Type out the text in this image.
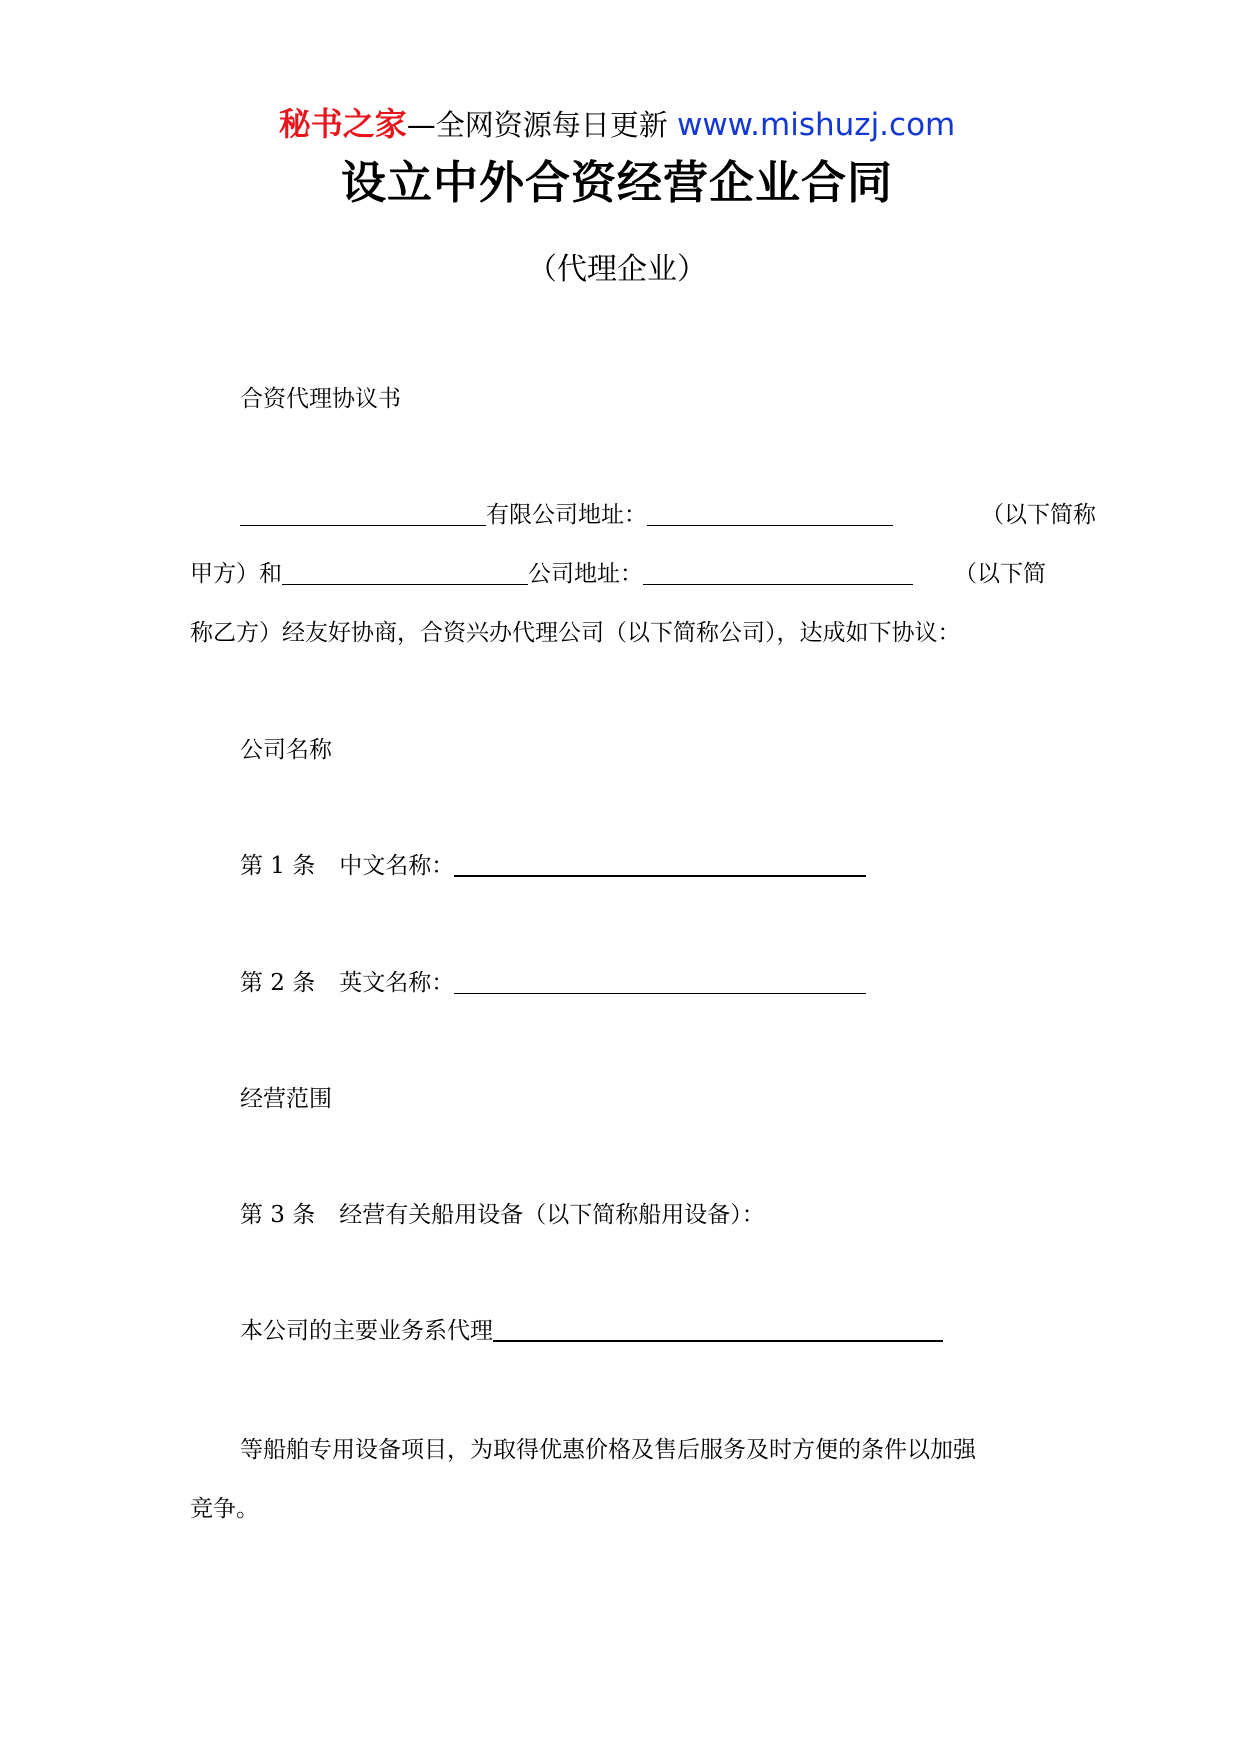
秘书之家—全网资源每日更新 www.mishuzj.com
设立中外合资经营企业合同
（代理企业）
合资代理协议书
有限公司地址：	（以下简称
甲方）和	公司地址：	（以下简
称乙方）经友好协商，合资兴办代理公司（以下简称公司），达成如下协议：
公司名称
第 1 条 中文名称：
第 2 条 英文名称：
经营范围
第 3 条 经营有关船用设备（以下简称船用设备）：
本公司的主要业务系代理
等船舶专用设备项目，为取得优惠价格及售后服务及时方便的条件以加强
竞争。
